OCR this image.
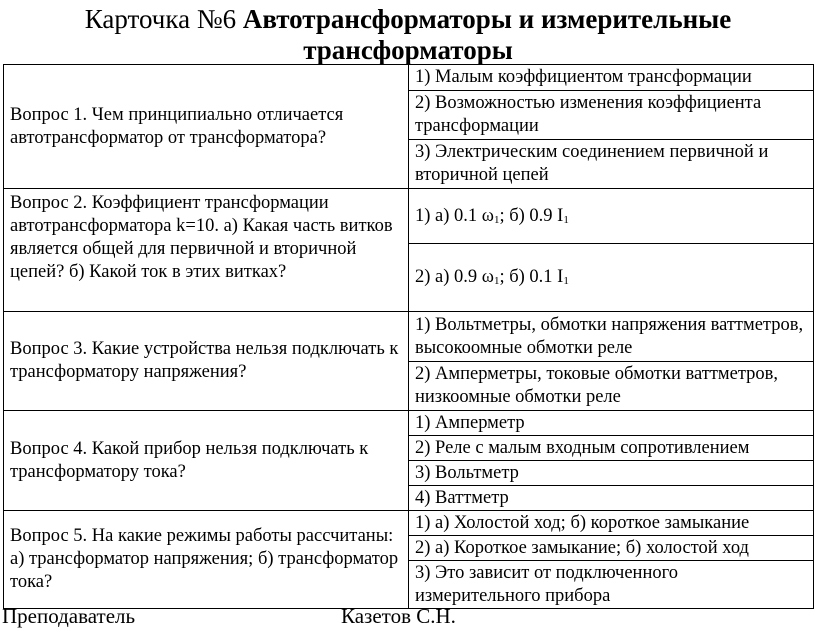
Карточка №6 Автотрансформаторы и измерительные
трансформаторы
Вопрос 1. Чем принципиально отличается автотрансформатор от трансформатора?	1) Малым коэффициентом трансформации
	2) Возможностью изменения коэффициента трансформации
	3) Электрическим соединением первичной и вторичной цепей
Вопрос 2. Коэффициент трансформации автотрансформатора k=10. а) Какая часть витков является общей для первичной и вторичной цепей? б) Какой ток в этих витках?	1) а) 0.1 $\omega_1$; б) 0.9 $I_1$
	2) а) 0.9 $\omega_1$; б) 0.1 $I_1$
Вопрос 3. Какие устройства нельзя подключать к трансформатору напряжения?	1) Вольтметры, обмотки напряжения ваттметров, высокоомные обмотки реле
	2) Амперметры, токовые обмотки ваттметров, низкоомные обмотки реле
Вопрос 4. Какой прибор нельзя подключать к трансформатору тока?	1) Амперметр
	2) Реле с малым входным сопротивлением
	3) Вольтметр
	4) Ваттметр
Вопрос 5. На какие режимы работы рассчитаны: а) трансформатор напряжения; б) трансформатор тока?	1) а) Холостой ход; б) короткое замыкание
	2) а) Короткое замыкание; б) холостой ход
	3) Это зависит от подключенного измерительного прибора
Преподаватель	Казетов С.Н.
